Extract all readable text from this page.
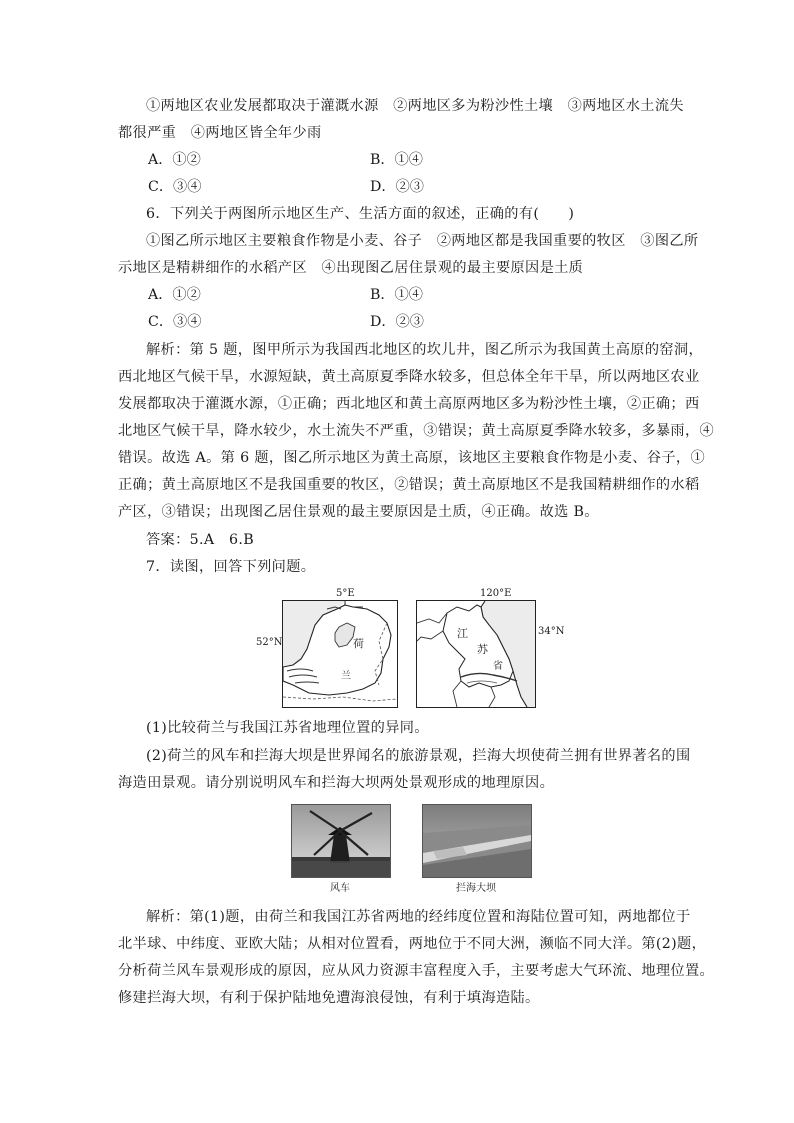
①两地区农业发展都取决于灌溉水源　②两地区多为粉沙性土壤　③两地区水土流失
都很严重　④两地区皆全年少雨
A．①②	B．①④
C．③④	D．②③
6．下列关于两图所示地区生产、生活方面的叙述，正确的有(　　)
①图乙所示地区主要粮食作物是小麦、谷子　②两地区都是我国重要的牧区　③图乙所
示地区是精耕细作的水稻产区　④出现图乙居住景观的最主要原因是土质
A．①②	B．①④
C．③④	D．②③
解析：第 5 题，图甲所示为我国西北地区的坎儿井，图乙所示为我国黄土高原的窑洞，
西北地区气候干旱，水源短缺，黄土高原夏季降水较多，但总体全年干旱，所以两地区农业
发展都取决于灌溉水源，①正确；西北地区和黄土高原两地区多为粉沙性土壤，②正确；西
北地区气候干旱，降水较少，水土流失不严重，③错误；黄土高原夏季降水较多，多暴雨，④
错误。故选 A。第 6 题，图乙所示地区为黄土高原，该地区主要粮食作物是小麦、谷子，①
正确；黄土高原地区不是我国重要的牧区，②错误；黄土高原地区不是我国精耕细作的水稻
产区，③错误；出现图乙居住景观的最主要原因是土质，④正确。故选 B。
答案：5.A　6.B
7．读图，回答下列问题。
5°E
52°N	荷
兰
120°E
34°N
江
苏
省
(1)比较荷兰与我国江苏省地理位置的异同。
(2)荷兰的风车和拦海大坝是世界闻名的旅游景观，拦海大坝使荷兰拥有世界著名的围
海造田景观。请分别说明风车和拦海大坝两处景观形成的地理原因。
风车	拦海大坝
解析：第(1)题，由荷兰和我国江苏省两地的经纬度位置和海陆位置可知，两地都位于
北半球、中纬度、亚欧大陆；从相对位置看，两地位于不同大洲，濒临不同大洋。第(2)题，
分析荷兰风车景观形成的原因，应从风力资源丰富程度入手，主要考虑大气环流、地理位置。
修建拦海大坝，有利于保护陆地免遭海浪侵蚀，有利于填海造陆。
